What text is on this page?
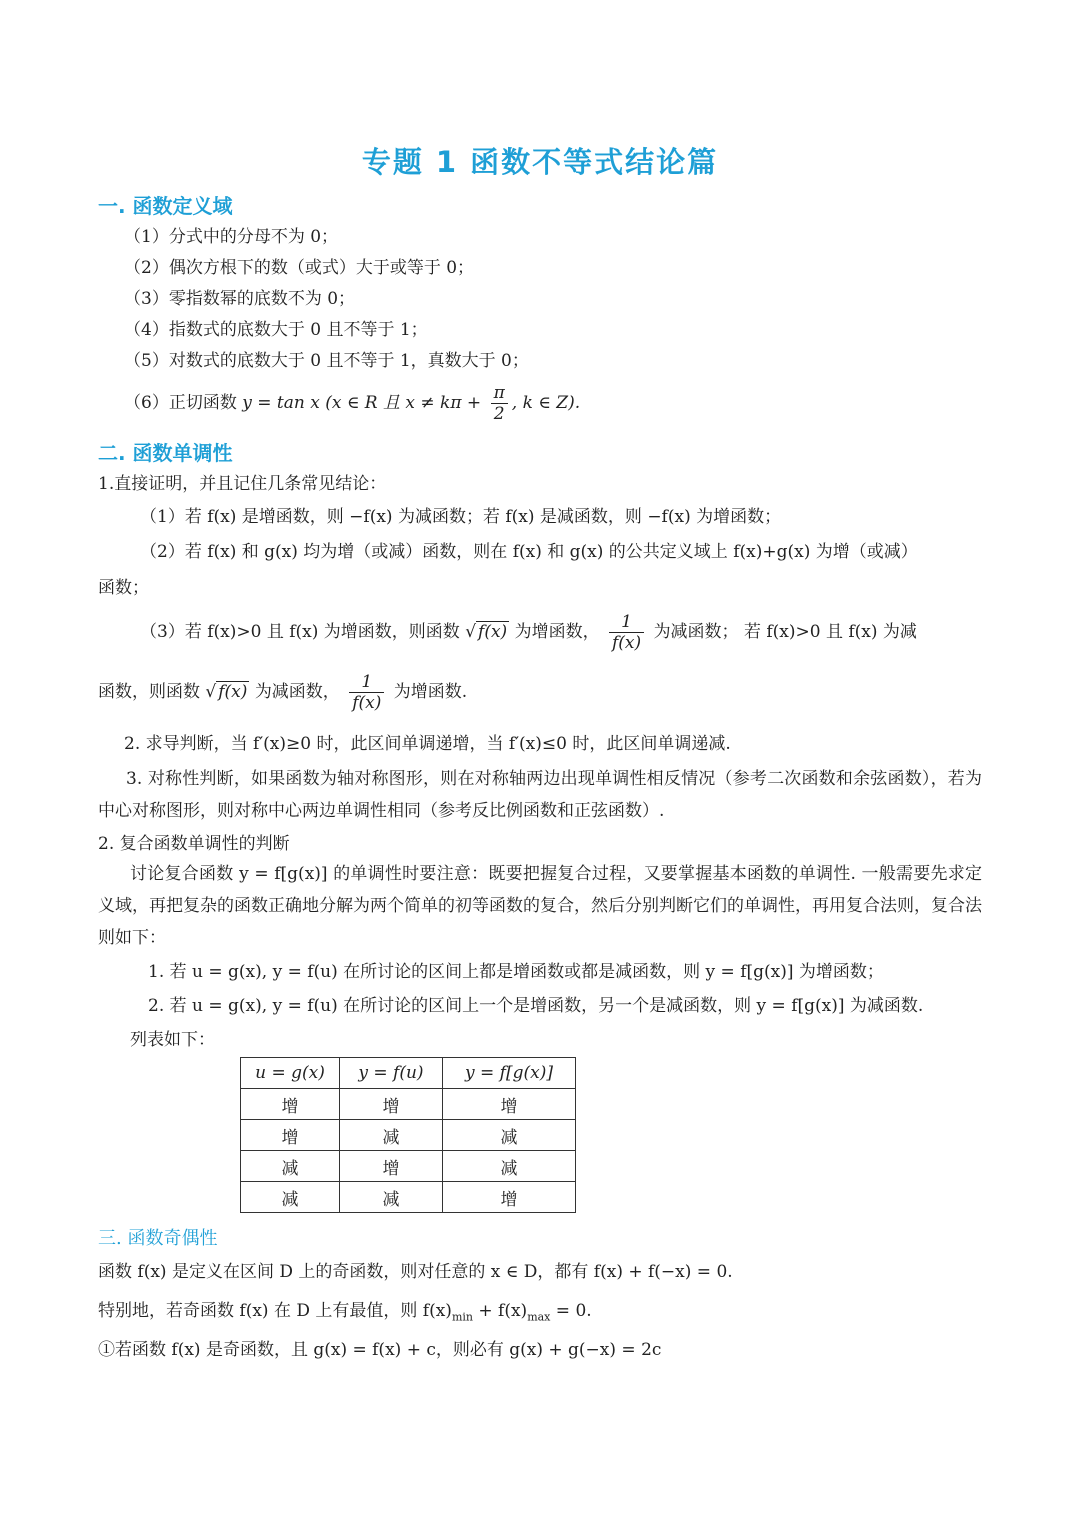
专题 1 函数不等式结论篇
一. 函数定义域
（1）分式中的分母不为 0；
（2）偶次方根下的数（或式）大于或等于 0；
（3）零指数幂的底数不为 0；
（4）指数式的底数大于 0 且不等于 1；
（5）对数式的底数大于 0 且不等于 1，真数大于 0；
（6）正切函数 y = tan x (x ∈ R 且 $x \ne k\pi + \frac{\pi}{2}$ , k ∈ Z).
二. 函数单调性
1.直接证明，并且记住几条常见结论：
（1）若 f(x) 是增函数，则 −f(x) 为减函数；若 f(x) 是减函数，则 −f(x) 为增函数；
（2）若 f(x) 和 g(x) 均为增（或减）函数，则在 f(x) 和 g(x) 的公共定义域上 f(x)+g(x) 为增（或减）
函数；
（3）若 f(x)>0 且 f(x) 为增函数，则函数 √ f(x) 为增函数， $\frac{1}{f(x)}$ 为减函数； 若 f(x)>0 且 f(x) 为减
函数，则函数 √ f(x) 为减函数， $\frac{1}{f(x)}$ 为增函数.
2. 求导判断，当 f′(x)≥0 时，此区间单调递增，当 f′(x)≤0 时，此区间单调递减.
3. 对称性判断，如果函数为轴对称图形，则在对称轴两边出现单调性相反情况（参考二次函数和余弦函数），若为中心对称图形，则对称中心两边单调性相同（参考反比例函数和正弦函数）.
2. 复合函数单调性的判断
讨论复合函数 y = f[g(x)] 的单调性时要注意：既要把握复合过程，又要掌握基本函数的单调性. 一般需要先求定义域，再把复杂的函数正确地分解为两个简单的初等函数的复合，然后分别判断它们的单调性，再用复合法则，复合法则如下：
1. 若 u = g(x), y = f(u) 在所讨论的区间上都是增函数或都是减函数，则 y = f[g(x)] 为增函数；
2. 若 u = g(x), y = f(u) 在所讨论的区间上一个是增函数，另一个是减函数，则 y = f[g(x)] 为减函数.
列表如下：
u = g(x)	y = f(u)	y = f[g(x)]
增	增	增
增	减	减
减	增	减
减	减	增
三. 函数奇偶性
函数 f(x) 是定义在区间 D 上的奇函数，则对任意的 x ∈ D，都有 f(x) + f(−x) = 0.
特别地，若奇函数 f(x) 在 D 上有最值，则 $f(x)_{min} + f(x)_{max} = 0$.
①若函数 f(x) 是奇函数，且 g(x) = f(x) + c，则必有 g(x) + g(−x) = 2c
